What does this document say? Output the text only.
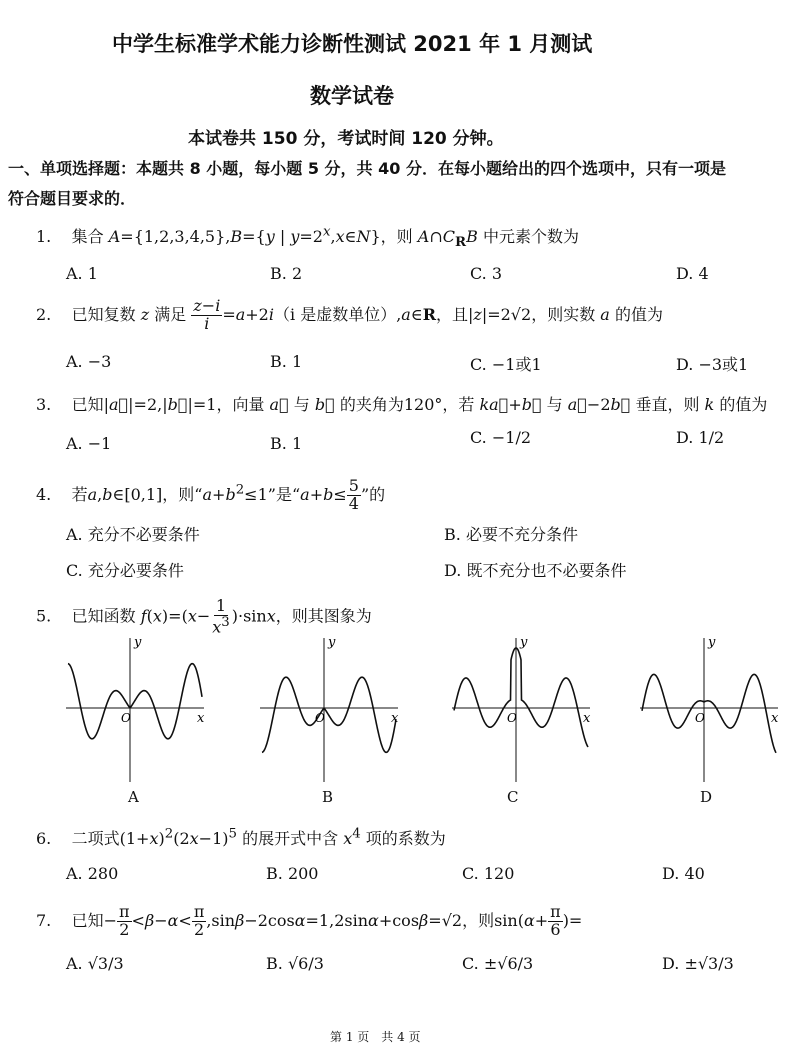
中学生标准学术能力诊断性测试 2021 年 1 月测试
数学试卷
本试卷共 150 分，考试时间 120 分钟。
一、单项选择题：本题共 8 小题，每小题 5 分，共 40 分．在每小题给出的四个选项中，只有一项是
符合题目要求的．
1. 集合 A={1,2,3,4,5},B={y | $y=2^x,x\in N$}，则 $A\cap C_RB$ 中元素个数为
A. 1	B. 2	C. 3	D. 4
2. 已知复数 z 满足 $\frac{z-i}{i} =a+2i(i$ 是虚数单位）,a∈R，且|z|=2√2，则实数 a 的值为
A. −3	B. 1	C. −1或1	D. −3或1
3. 已知|a⃗|=2,|b⃗|=1，向量 a⃗ 与 b⃗ 的夹角为120°，若 ka⃗+b⃗ 与 a⃗−2b⃗ 垂直，则 k 的值为
A. −1	B. 1	C. −1/2	D. 1/2
4. 若a,b∈[0,1]，则“$a+b^2\le 1$”是“$a+b\le \frac{5}{4}$ ”的
A. 充分不必要条件	B. 必要不充分条件
C. 充分必要条件	D. 既不充分也不必要条件
5. 已知函数 $f(x)=(x- \frac{1}{x^3} )\cdot\sin x$，则其图象为
y
x
O
y
x
O
y
x
O
y
x
O
A	B	C	D
6. 二项式$(1+x)^2(2x-1)^5$ 的展开式中含 $x^4$ 项的系数为
A. 280	B. 200	C. 120	D. 40
7. 已知− $\frac{\pi}{2} <\beta-\alpha< \frac{\pi}{2} ,\sin\beta-2\cos\alpha=1,2\sin\alpha+\cos\beta=√2$，则$\sin(\alpha+ \frac{\pi}{6}$ )=
A. √3/3	B. √6/3	C. ±√6/3	D. ±√3/3
第 1 页　共 4 页
